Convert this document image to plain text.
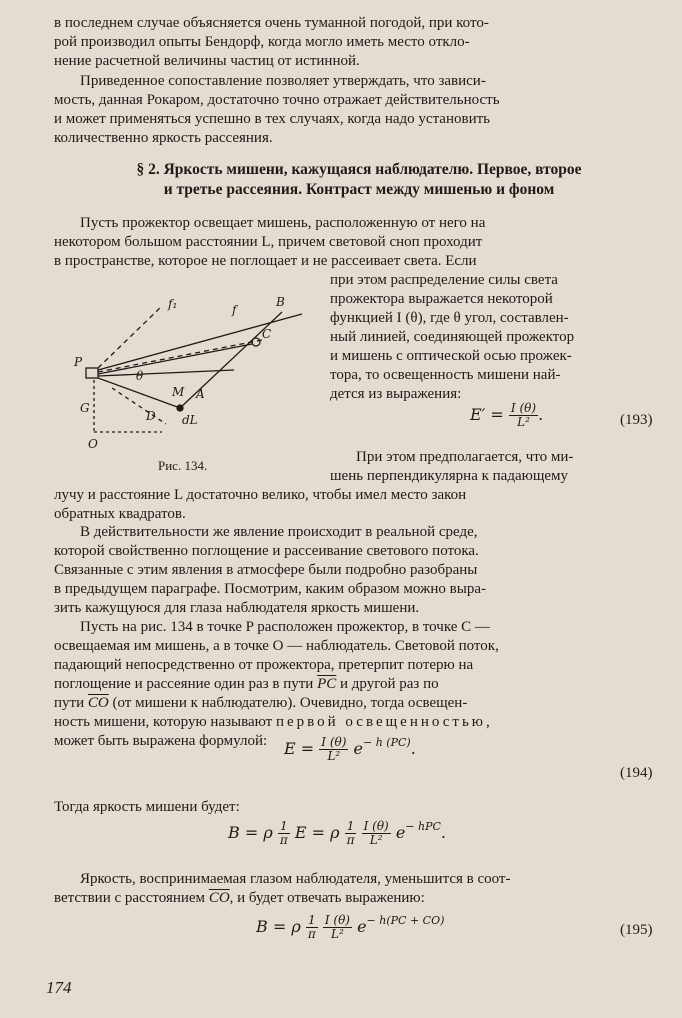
в последнем случае объясняется очень туманной погодой, при кото-

рой производил опыты Бендорф, когда могло иметь место откло-

нение расчетной величины частиц от истинной.

Приведенное сопоставление позволяет утверждать, что зависи-

мость, данная Рокаром, достаточно точно отражает действительность

и может применяться успешно в тех случаях, когда надо установить

количественно яркость рассеяния.

§ 2. Яркость мишени, кажущаяся наблюдателю. Первое, второе
и третье рассеяния. Контраст между мишенью и фоном

Пусть прожектор освещает мишень, расположенную от него на

некотором большом расстоянии L, причем световой сноп проходит

в пространстве, которое не поглощает и не рассеивает света. Если

P
f₁	f
B
C
θ
M A
D dL
G
O
Рис. 134.
при этом распределение силы света
прожектора выражается некоторой
функцией I (θ), где θ угол, составлен-
ный линией, соединяющей прожектор
и мишень с оптической осью прожек-
тора, то освещенность мишени най-
дется из выражения:
$E' = \frac{I (\theta)}{\text{L²}}$ .	(193)
При этом предполагается, что ми-
шень перпендикулярна к падающему

лучу и расстояние L достаточно велико, чтобы имел место закон

обратных квадратов.

В действительности же явление происходит в реальной среде,

которой свойственно поглощение и рассеивание светового потока.

Связанные с этим явления в атмосфере были подробно разобраны

в предыдущем параграфе. Посмотрим, каким образом можно выра-

зить кажущуюся для глаза наблюдателя яркость мишени.

Пусть на рис. 134 в точке P расположен прожектор, в точке C —

освещаемая им мишень, а в точке O — наблюдатель. Световой поток,

падающий непосредственно от прожектора, претерпит потерю на

поглощение и рассеяние один раз в пути $\overline{PC}$ и другой раз по

пути $\overline{CO}$ (от мишени к наблюдателю). Очевидно, тогда освещен-

ность мишени, которую называют первой освещенностью,

может быть выражена формулой:	$E = \frac{I (\theta)}{\text{L²}} e^{- h (PC)}$.
(194)
Тогда яркость мишени будет:
B = ρ $\frac{1}{\pi}$ E = ρ $\frac{1}{\pi}$
$\frac{I (\theta)}{\text{L²}} e^{- hPC}$.

Яркость, воспринимаемая глазом наблюдателя, уменьшится в соот-

ветствии с расстоянием $\overline{CO}$, и будет отвечать выражению:

B = ρ $\frac{1}{\pi}$
$\frac{I (\theta)}{\text{L²}} e^{- h(PC + CO)}$
(195)
174
